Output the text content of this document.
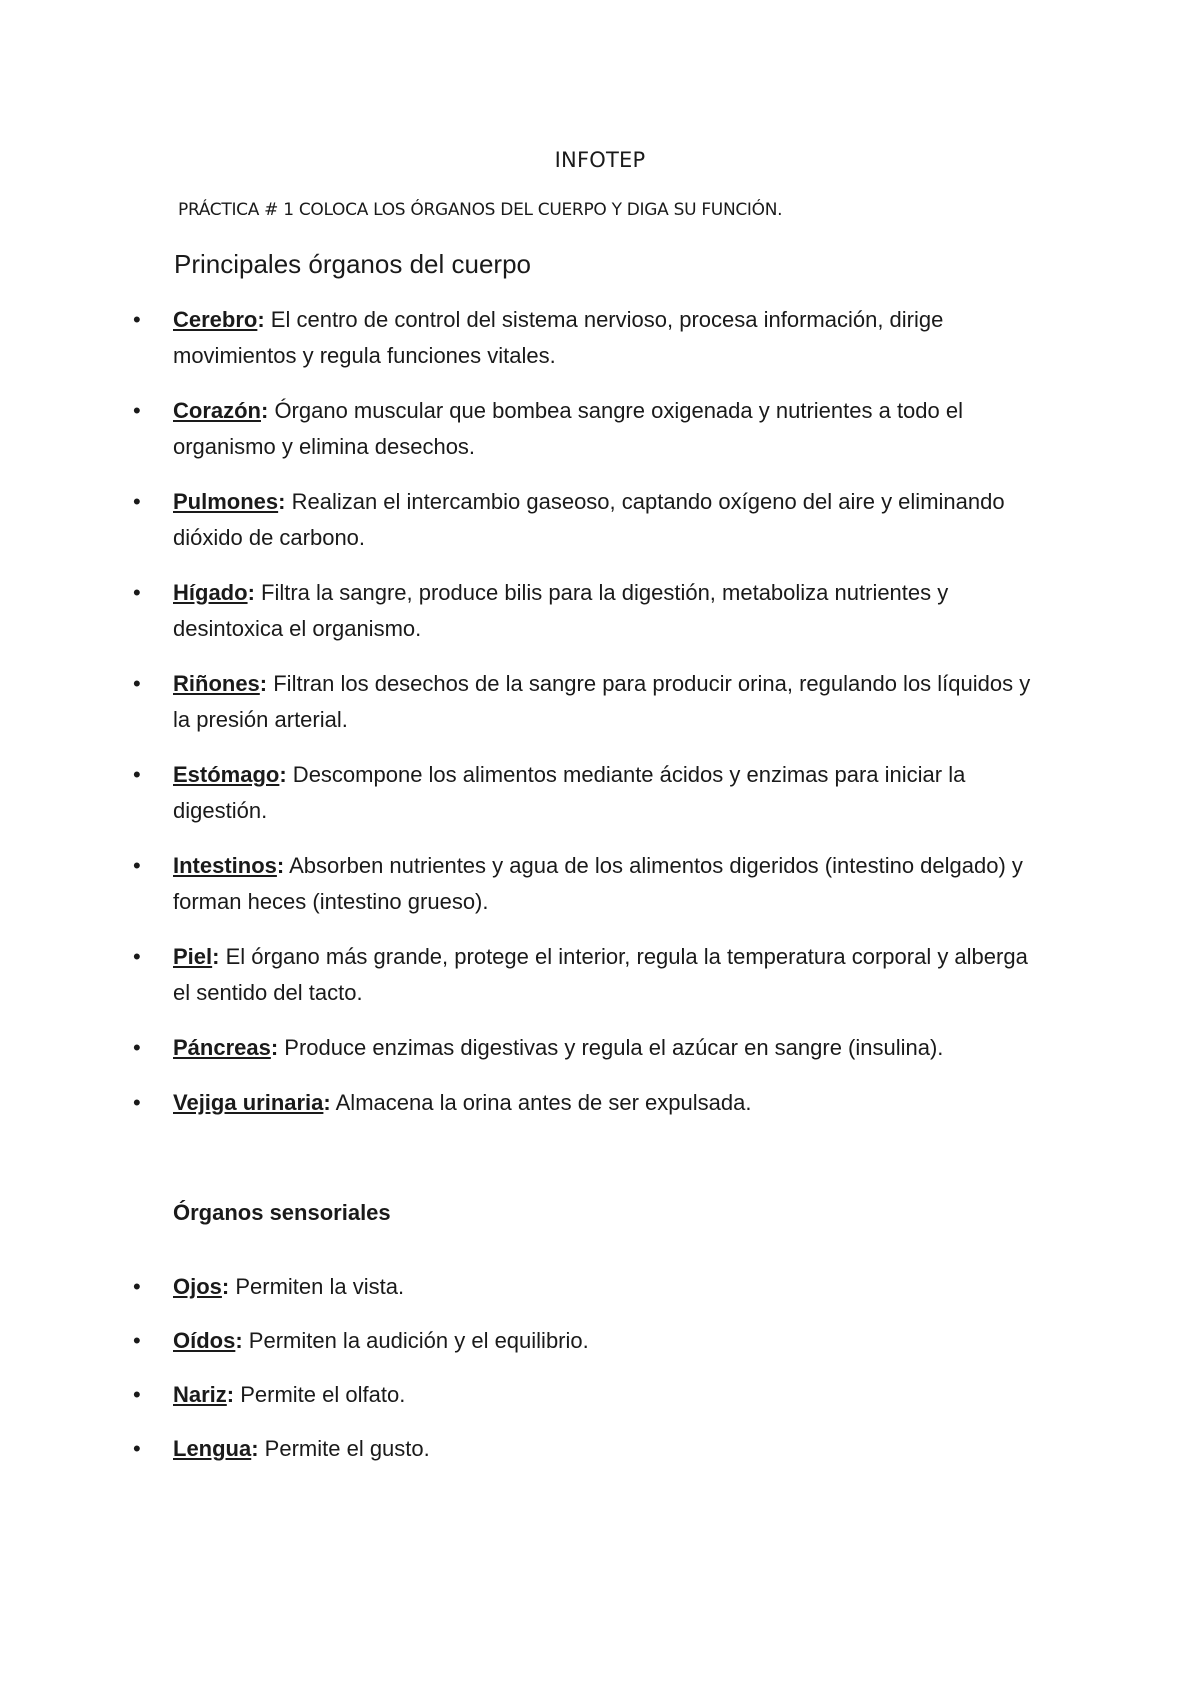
INFOTEP
PRÁCTICA # 1 COLOCA LOS ÓRGANOS DEL CUERPO Y DIGA SU FUNCIÓN.
Principales órganos del cuerpo
• Cerebro: El centro de control del sistema nervioso, procesa información, dirige movimientos y regula funciones vitales.
• Corazón: Órgano muscular que bombea sangre oxigenada y nutrientes a todo el organismo y elimina desechos.
• Pulmones: Realizan el intercambio gaseoso, captando oxígeno del aire y eliminando dióxido de carbono.
• Hígado: Filtra la sangre, produce bilis para la digestión, metaboliza nutrientes y desintoxica el organismo.
• Riñones: Filtran los desechos de la sangre para producir orina, regulando los líquidos y la presión arterial.
• Estómago: Descompone los alimentos mediante ácidos y enzimas para iniciar la digestión.
• Intestinos: Absorben nutrientes y agua de los alimentos digeridos (intestino delgado) y forman heces (intestino grueso).
• Piel: El órgano más grande, protege el interior, regula la temperatura corporal y alberga el sentido del tacto.
• Páncreas: Produce enzimas digestivas y regula el azúcar en sangre (insulina).
• Vejiga urinaria: Almacena la orina antes de ser expulsada.
Órganos sensoriales
• Ojos: Permiten la vista.
• Oídos: Permiten la audición y el equilibrio.
• Nariz: Permite el olfato.
• Lengua: Permite el gusto.
